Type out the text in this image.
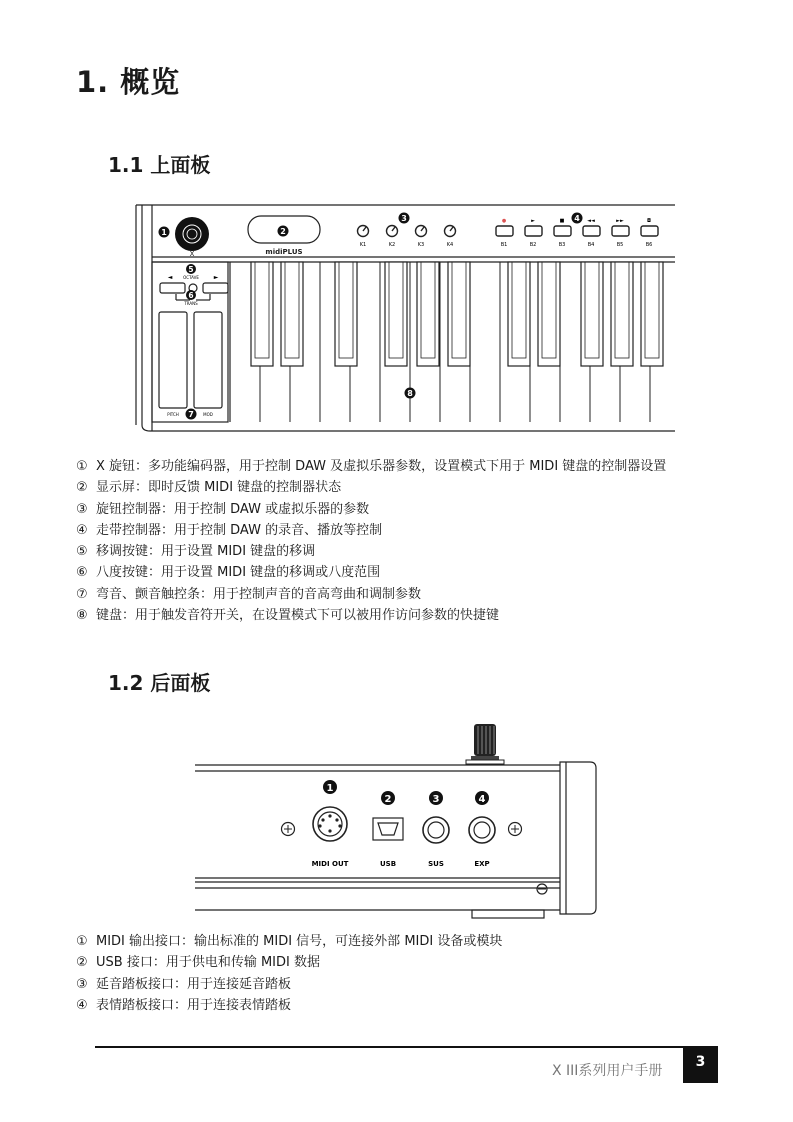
1. 概览
1.1 上面板
X
1	2
midiPLUS
K1	K2	K3	K4
3	●	►	■	◄◄	►►	◘
B1	B2	B3	B4	B5	B6
4
◄	►
OCTAVE
5
6
TRANS
PITCH	MOD
7
8
① X 旋钮：多功能编码器，用于控制 DAW 及虚拟乐器参数，设置模式下用于 MIDI 键盘的控制器设置
② 显示屏：即时反馈 MIDI 键盘的控制器状态
③ 旋钮控制器：用于控制 DAW 或虚拟乐器的参数
④ 走带控制器：用于控制 DAW 的录音、播放等控制
⑤ 移调按键：用于设置 MIDI 键盘的移调
⑥ 八度按键：用于设置 MIDI 键盘的移调或八度范围
⑦ 弯音、颤音触控条：用于控制声音的音高弯曲和调制参数
⑧ 键盘：用于触发音符开关，在设置模式下可以被用作访问参数的快捷键
1.2 后面板
1
2	3	4
MIDI OUT	USB	SUS	EXP
① MIDI 输出接口：输出标准的 MIDI 信号，可连接外部 MIDI 设备或模块
② USB 接口：用于供电和传输 MIDI 数据
③ 延音踏板接口：用于连接延音踏板
④ 表情踏板接口：用于连接表情踏板
X III系列用户手册
3
